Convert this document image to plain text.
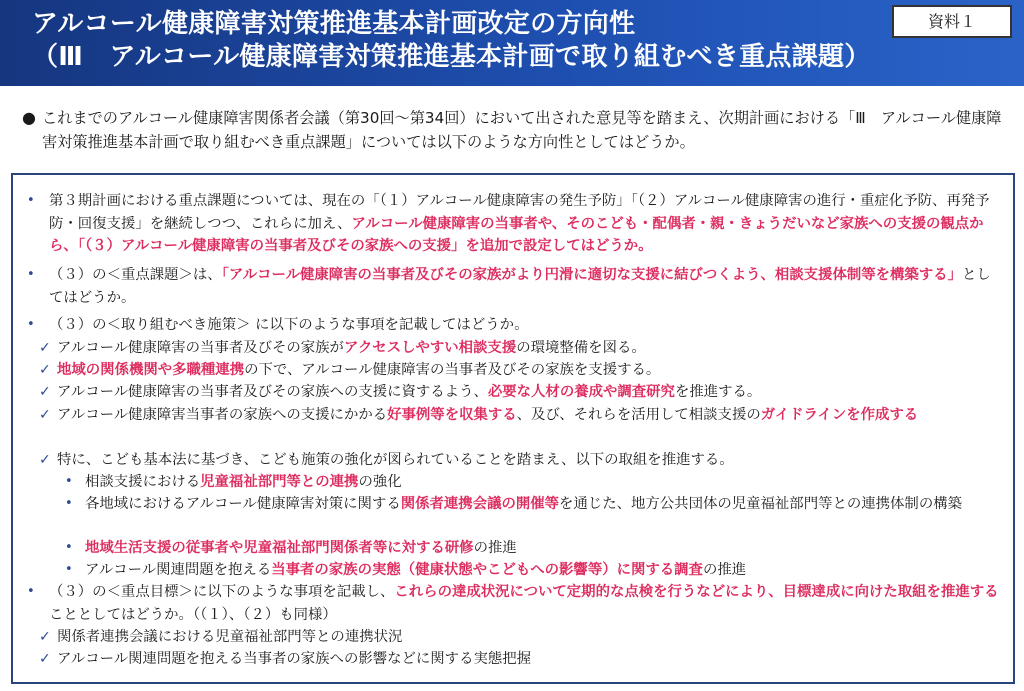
アルコール健康障害対策推進基本計画改定の方向性
（Ⅲ　アルコール健康障害対策推進基本計画で取り組むべき重点課題）
資料１
● これまでのアルコール健康障害関係者会議（第30回～第34回）において出された意見等を踏まえ、次期計画における「Ⅲ　アルコール健康障害対策推進基本計画で取り組むべき重点課題」については以下のような方向性としてはどうか。
• 第３期計画における重点課題については、現在の「（１）アルコール健康障害の発生予防」「（２）アルコール健康障害の進行・重症化予防、再発予防・回復支援」を継続しつつ、これらに加え、アルコール健康障害の当事者や、そのこども・配偶者・親・きょうだいなど家族への支援の観点から、「（３）アルコール健康障害の当事者及びその家族への支援」を追加で設定してはどうか。
• （３）の＜重点課題＞は、「アルコール健康障害の当事者及びその家族がより円滑に適切な支援に結びつくよう、相談支援体制等を構築する」としてはどうか。
• （３）の＜取り組むべき施策＞ に以下のような事項を記載してはどうか。
✓ アルコール健康障害の当事者及びその家族がアクセスしやすい相談支援の環境整備を図る。
✓ 地域の関係機関や多職種連携の下で、アルコール健康障害の当事者及びその家族を支援する。
✓ アルコール健康障害の当事者及びその家族への支援に資するよう、必要な人材の養成や調査研究を推進する。
✓ アルコール健康障害当事者の家族への支援にかかる好事例等を収集する、及び、それらを活用して相談支援のガイドラインを作成する
✓ 特に、こども基本法に基づき、こども施策の強化が図られていることを踏まえ、以下の取組を推進する。
• 相談支援における児童福祉部門等との連携の強化
• 各地域におけるアルコール健康障害対策に関する関係者連携会議の開催等を通じた、地方公共団体の児童福祉部門等との連携体制の構築
• 地域生活支援の従事者や児童福祉部門関係者等に対する研修の推進
• アルコール関連問題を抱える当事者の家族の実態（健康状態やこどもへの影響等）に関する調査の推進
• （３）の＜重点目標＞に以下のような事項を記載し、これらの達成状況について定期的な点検を行うなどにより、目標達成に向けた取組を推進することとしてはどうか。（（１）、（２）も同様）
✓ 関係者連携会議における児童福祉部門等との連携状況
✓ アルコール関連問題を抱える当事者の家族への影響などに関する実態把握
